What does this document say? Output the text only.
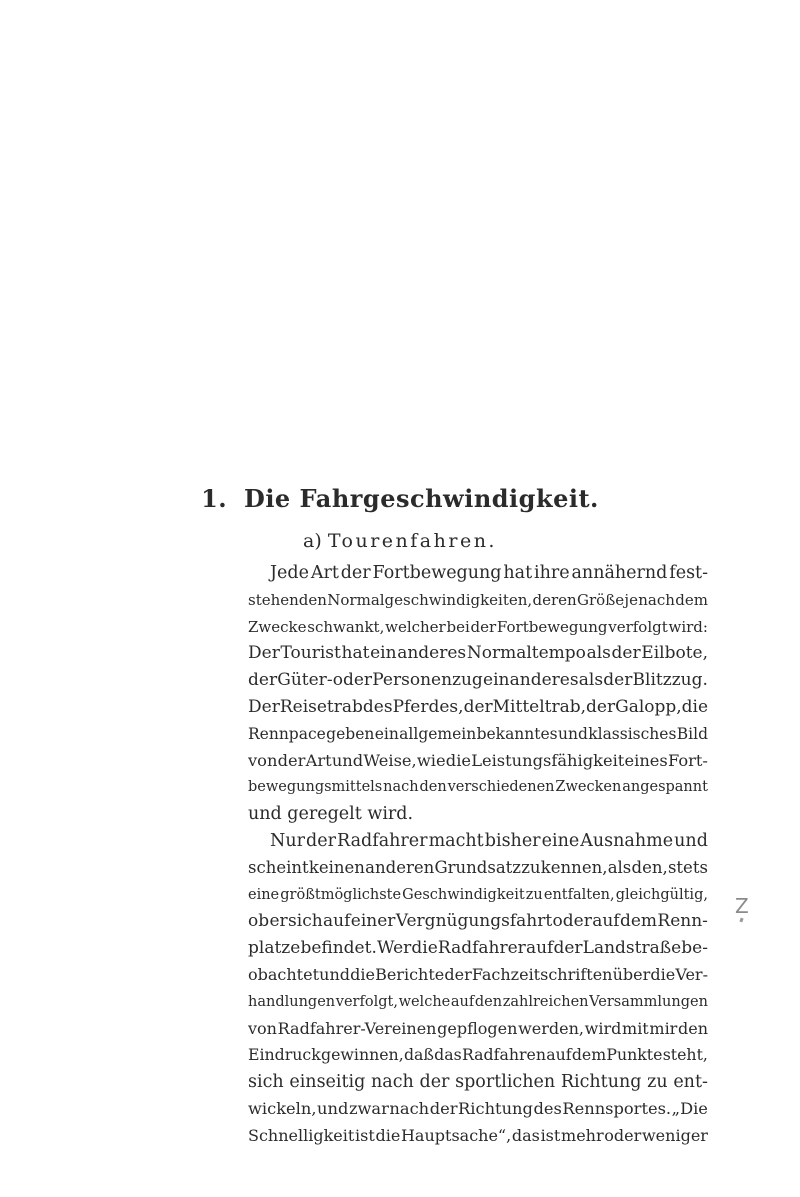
1. Die Fahrgeschwindigkeit.
a) Tourenfahren.
Jede Art der Fortbewegung hat ihre annähernd fest-
stehenden Normalgeschwindigkeiten, deren Größe je nach dem
Zwecke schwankt, welcher bei der Fortbewegung verfolgt wird:
Der Tourist hat ein anderes Normaltempo als der Eilbote,
der Güter- oder Personenzug ein anderes als der Blitzzug.
Der Reisetrab des Pferdes, der Mitteltrab, der Galopp, die
Rennpace geben ein allgemein bekanntes und klassisches Bild
von der Art und Weise, wie die Leistungsfähigkeit eines Fort-
bewegungsmittels nach den verschiedenen Zwecken angespannt
und geregelt wird.
Nur der Radfahrer macht bisher eine Ausnahme und
scheint keinen anderen Grundsatz zu kennen, als den, stets
eine größtmöglichste Geschwindigkeit zu entfalten, gleichgültig,
ob er sich auf einer Vergnügungsfahrt oder auf dem Renn-
platze befindet. Wer die Radfahrer auf der Landstraße be-
obachtet und die Berichte der Fachzeitschriften über die Ver-
handlungen verfolgt, welche auf den zahlreichen Versammlungen
von Radfahrer-Vereinen gepflogen werden, wird mit mir den
Eindruck gewinnen, daß das Radfahren auf dem Punkte steht,
sich einseitig nach der sportlichen Richtung zu ent-
wickeln, und zwar nach der Richtung des Rennsportes. „Die
Schnelligkeit ist die Hauptsache“, das ist mehr oder weniger
Z
